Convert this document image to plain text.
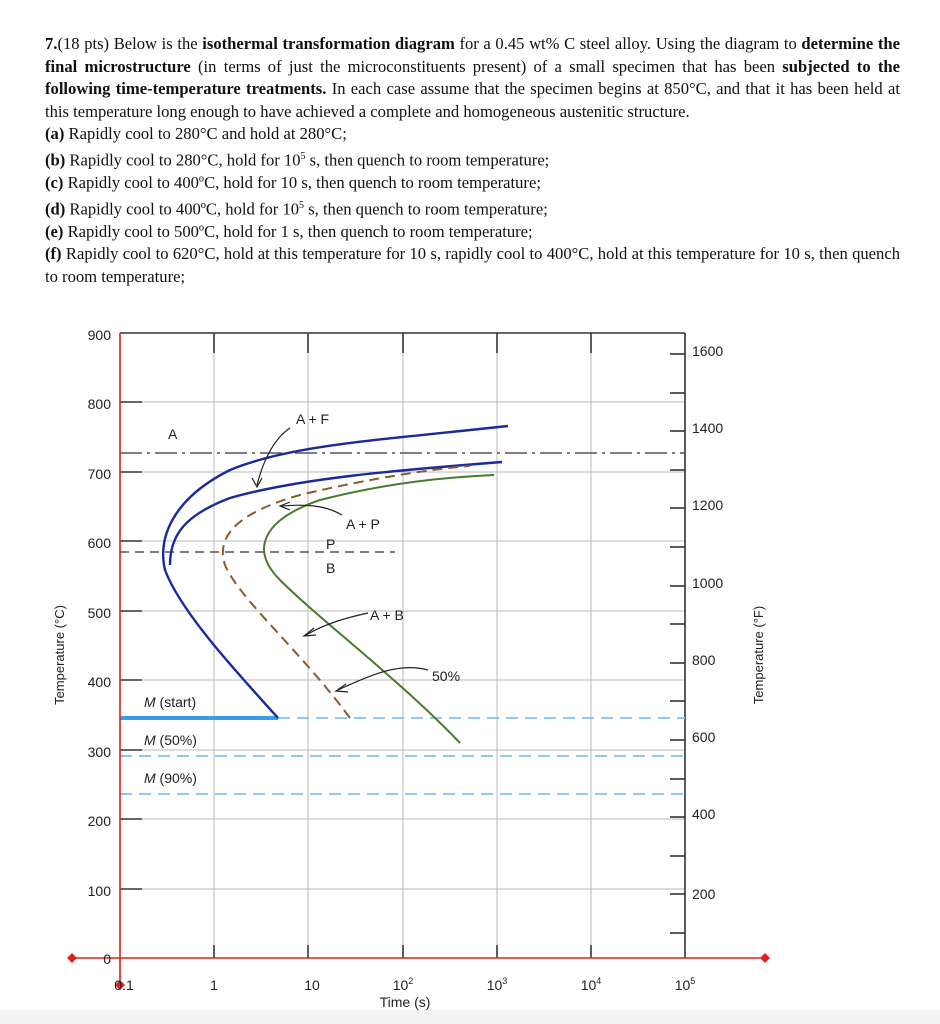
7.(18 pts) Below is the isothermal transformation diagram for a 0.45 wt% C steel alloy. Using the diagram to determine the final microstructure (in terms of just the microconstituents present) of a small specimen that has been subjected to the following time-temperature treatments. In each case assume that the specimen begins at 850°C, and that it has been held at this temperature long enough to have achieved a complete and homogeneous austenitic structure.

(a) Rapidly cool to 280°C and hold at 280°C;

(b) Rapidly cool to 280°C, hold for $10^5$ s, then quench to room temperature;

(c) Rapidly cool to 400ºC, hold for 10 s, then quench to room temperature;

(d) Rapidly cool to 400ºC, hold for $10^5$ s, then quench to room temperature;

(e) Rapidly cool to 500ºC, hold for 1 s, then quench to room temperature;

(f) Rapidly cool to 620°C, hold at this temperature for 10 s, rapidly cool to 400°C, hold at this temperature for 10 s, then quench to room temperature;

A
A + F
A + P
P
B
A + B
50%
M (start)
M (50%)
M (90%)
900
800
700
600
500
400
300
200
100
0
1600
1400
1200
1000
800
600
400
200
0.1	1	10	$10^2$	$10^3$	$10^4$	$10^5$
Time (s)
Temperature (°C)	Temperature (°F)
